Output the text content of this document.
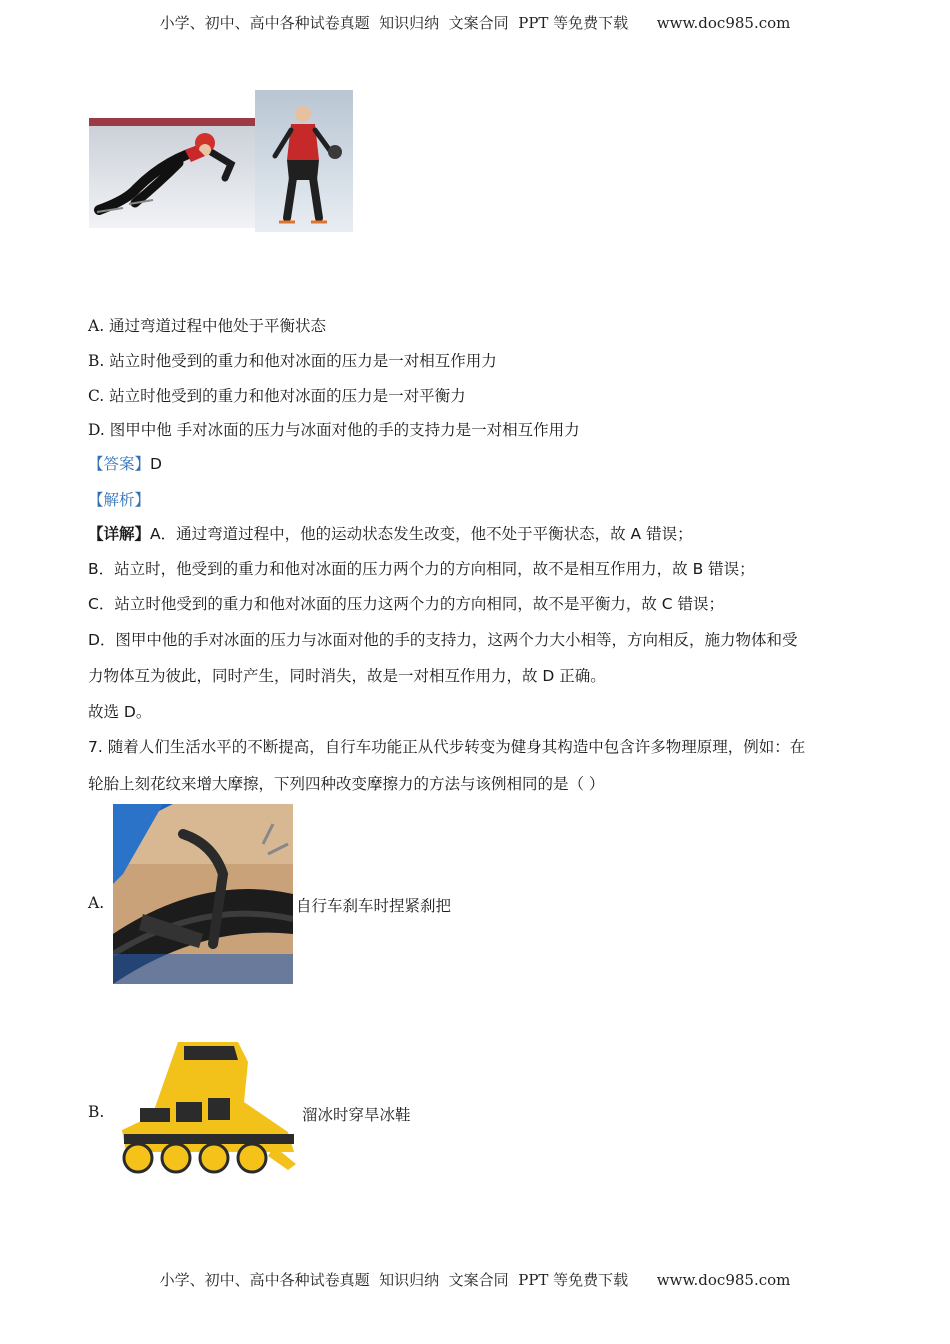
小学、初中、高中各种试卷真题  知识归纳  文案合同  PPT 等免费下载      www.doc985.com
A. 通过弯道过程中他处于平衡状态
B. 站立时他受到的重力和他对冰面的压力是一对相互作用力
C. 站立时他受到的重力和他对冰面的压力是一对平衡力
D. 图甲中他 手对冰面的压力与冰面对他的手的支持力是一对相互作用力
【答案】D
【解析】
【详解】A．通过弯道过程中，他的运动状态发生改变，他不处于平衡状态，故 A 错误；
B．站立时，他受到的重力和他对冰面的压力两个力的方向相同，故不是相互作用力，故 B 错误；
C．站立时他受到的重力和他对冰面的压力这两个力的方向相同，故不是平衡力，故 C 错误；
D．图甲中他的手对冰面的压力与冰面对他的手的支持力，这两个力大小相等，方向相反，施力物体和受
力物体互为彼此，同时产生，同时消失，故是一对相互作用力，故 D 正确。
故选 D。
7. 随着人们生活水平的不断提高，自行车功能正从代步转变为健身其构造中包含许多物理原理，例如：在
轮胎上刻花纹来增大摩擦，下列四种改变摩擦力的方法与该例相同的是（ ）
A.	自行车刹车时捏紧刹把
B.	溜冰时穿旱冰鞋
小学、初中、高中各种试卷真题  知识归纳  文案合同  PPT 等免费下载      www.doc985.com
